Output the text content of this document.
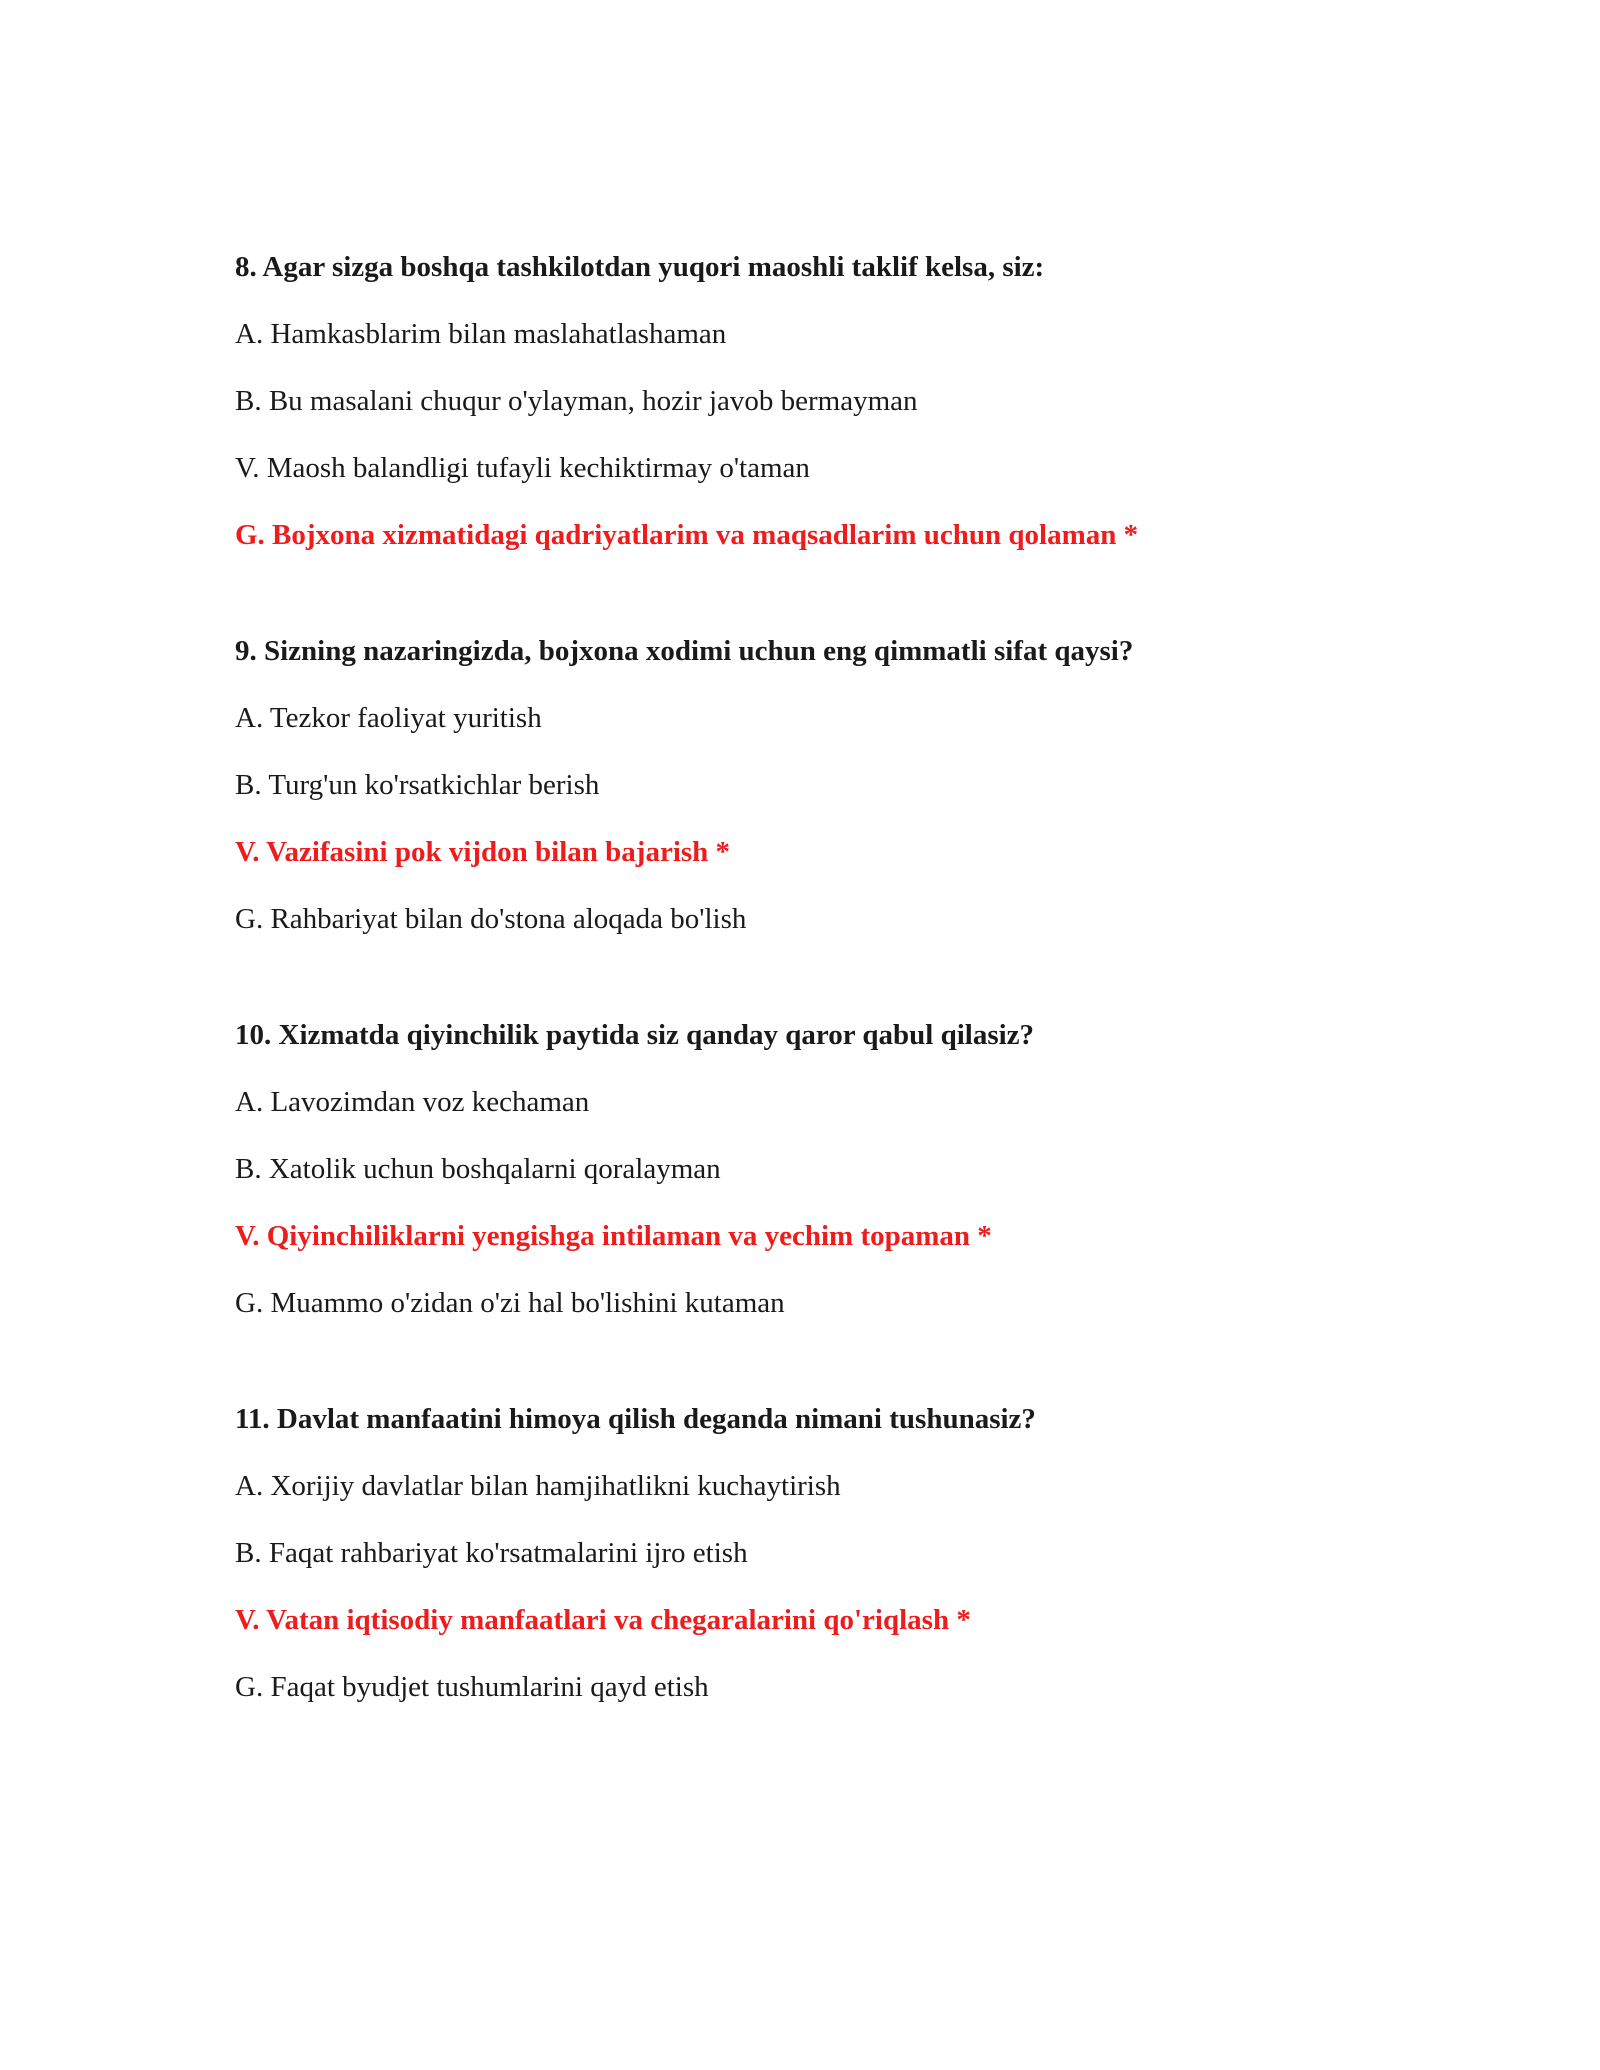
8. Agar sizga boshqa tashkilotdan yuqori maoshli taklif kelsa, siz:
A. Hamkasblarim bilan maslahatlashaman
B. Bu masalani chuqur o'ylayman, hozir javob bermayman
V. Maosh balandligi tufayli kechiktirmay o'taman
G. Bojxona xizmatidagi qadriyatlarim va maqsadlarim uchun qolaman *
9. Sizning nazaringizda, bojxona xodimi uchun eng qimmatli sifat qaysi?
A. Tezkor faoliyat yuritish
B. Turg'un ko'rsatkichlar berish
V. Vazifasini pok vijdon bilan bajarish *
G. Rahbariyat bilan do'stona aloqada bo'lish
10. Xizmatda qiyinchilik paytida siz qanday qaror qabul qilasiz?
A. Lavozimdan voz kechaman
B. Xatolik uchun boshqalarni qoralayman
V. Qiyinchiliklarni yengishga intilaman va yechim topaman *
G. Muammo o'zidan o'zi hal bo'lishini kutaman
11. Davlat manfaatini himoya qilish deganda nimani tushunasiz?
A. Xorijiy davlatlar bilan hamjihatlikni kuchaytirish
B. Faqat rahbariyat ko'rsatmalarini ijro etish
V. Vatan iqtisodiy manfaatlari va chegaralarini qo'riqlash *
G. Faqat byudjet tushumlarini qayd etish
